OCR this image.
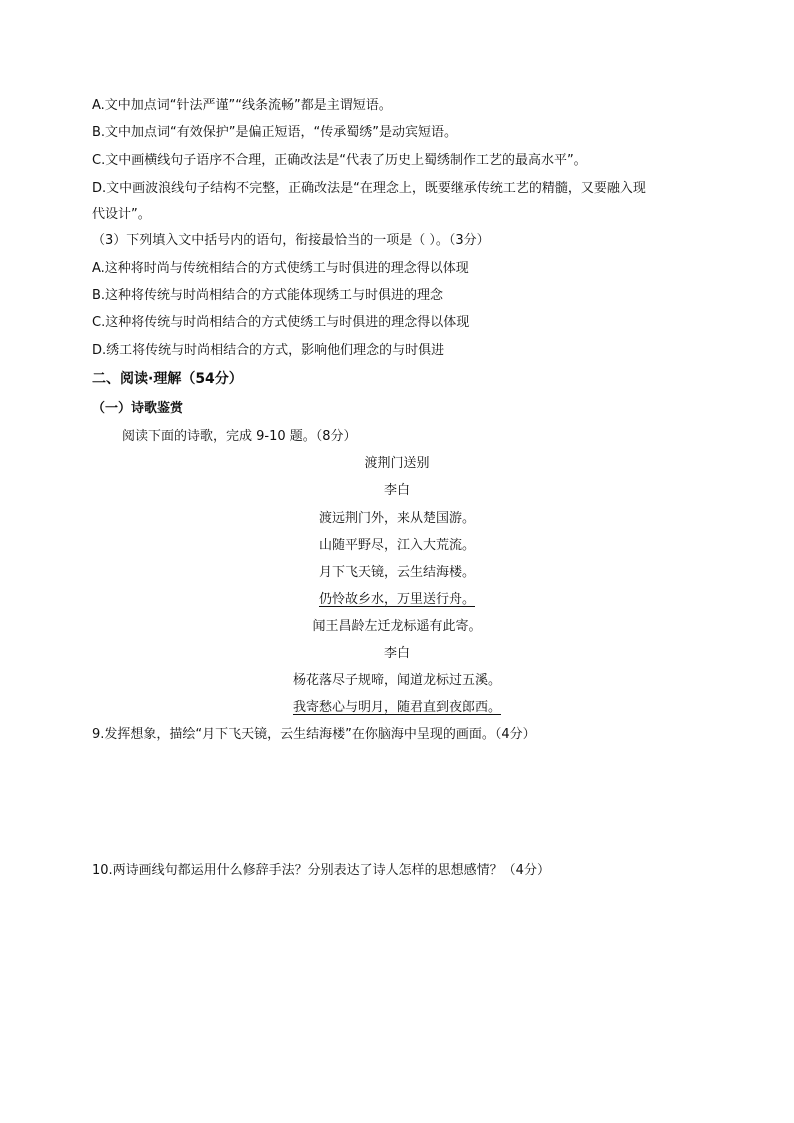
A.文中加点词“针法严谨”“线条流畅”都是主谓短语。
B.文中加点词“有效保护”是偏正短语，“传承蜀绣”是动宾短语。
C.文中画横线句子语序不合理，正确改法是“代表了历史上蜀绣制作工艺的最高水平”。
D.文中画波浪线句子结构不完整，正确改法是“在理念上，既要继承传统工艺的精髓，又要融入现
代设计”。
（3）下列填入文中括号内的语句，衔接最恰当的一项是（ ）。（3分）
A.这种将时尚与传统相结合的方式使绣工与时俱进的理念得以体现
B.这种将传统与时尚相结合的方式能体现绣工与时俱进的理念
C.这种将传统与时尚相结合的方式使绣工与时俱进的理念得以体现
D.绣工将传统与时尚相结合的方式，影响他们理念的与时俱进
二、阅读·理解（54分）
（一）诗歌鉴赏
阅读下面的诗歌，完成 9-10 题。（8分）
渡荆门送别
李白
渡远荆门外，来从楚国游。
山随平野尽，江入大荒流。
月下飞天镜，云生结海楼。
仍怜故乡水，万里送行舟。
闻王昌龄左迁龙标遥有此寄。
李白
杨花落尽子规啼，闻道龙标过五溪。
我寄愁心与明月，随君直到夜郎西。
9.发挥想象，描绘“月下飞天镜，云生结海楼”在你脑海中呈现的画面。（4分）
10.两诗画线句都运用什么修辞手法？分别表达了诗人怎样的思想感情？（4分）
